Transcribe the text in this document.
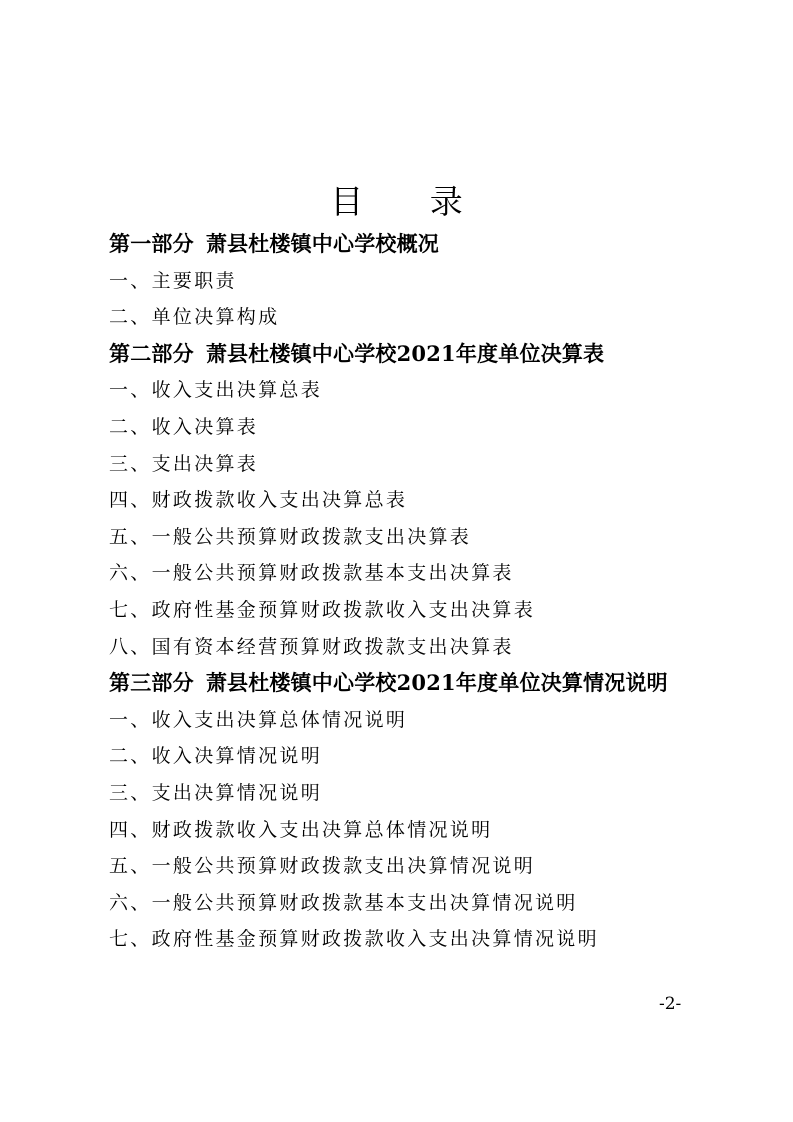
目 录
第一部分 萧县杜楼镇中心学校概况
一、主要职责
二、单位决算构成
第二部分 萧县杜楼镇中心学校2021年度单位决算表
一、收入支出决算总表
二、收入决算表
三、支出决算表
四、财政拨款收入支出决算总表
五、一般公共预算财政拨款支出决算表
六、一般公共预算财政拨款基本支出决算表
七、政府性基金预算财政拨款收入支出决算表
八、国有资本经营预算财政拨款支出决算表
第三部分 萧县杜楼镇中心学校2021年度单位决算情况说明
一、收入支出决算总体情况说明
二、收入决算情况说明
三、支出决算情况说明
四、财政拨款收入支出决算总体情况说明
五、一般公共预算财政拨款支出决算情况说明
六、一般公共预算财政拨款基本支出决算情况说明
七、政府性基金预算财政拨款收入支出决算情况说明
-2-
